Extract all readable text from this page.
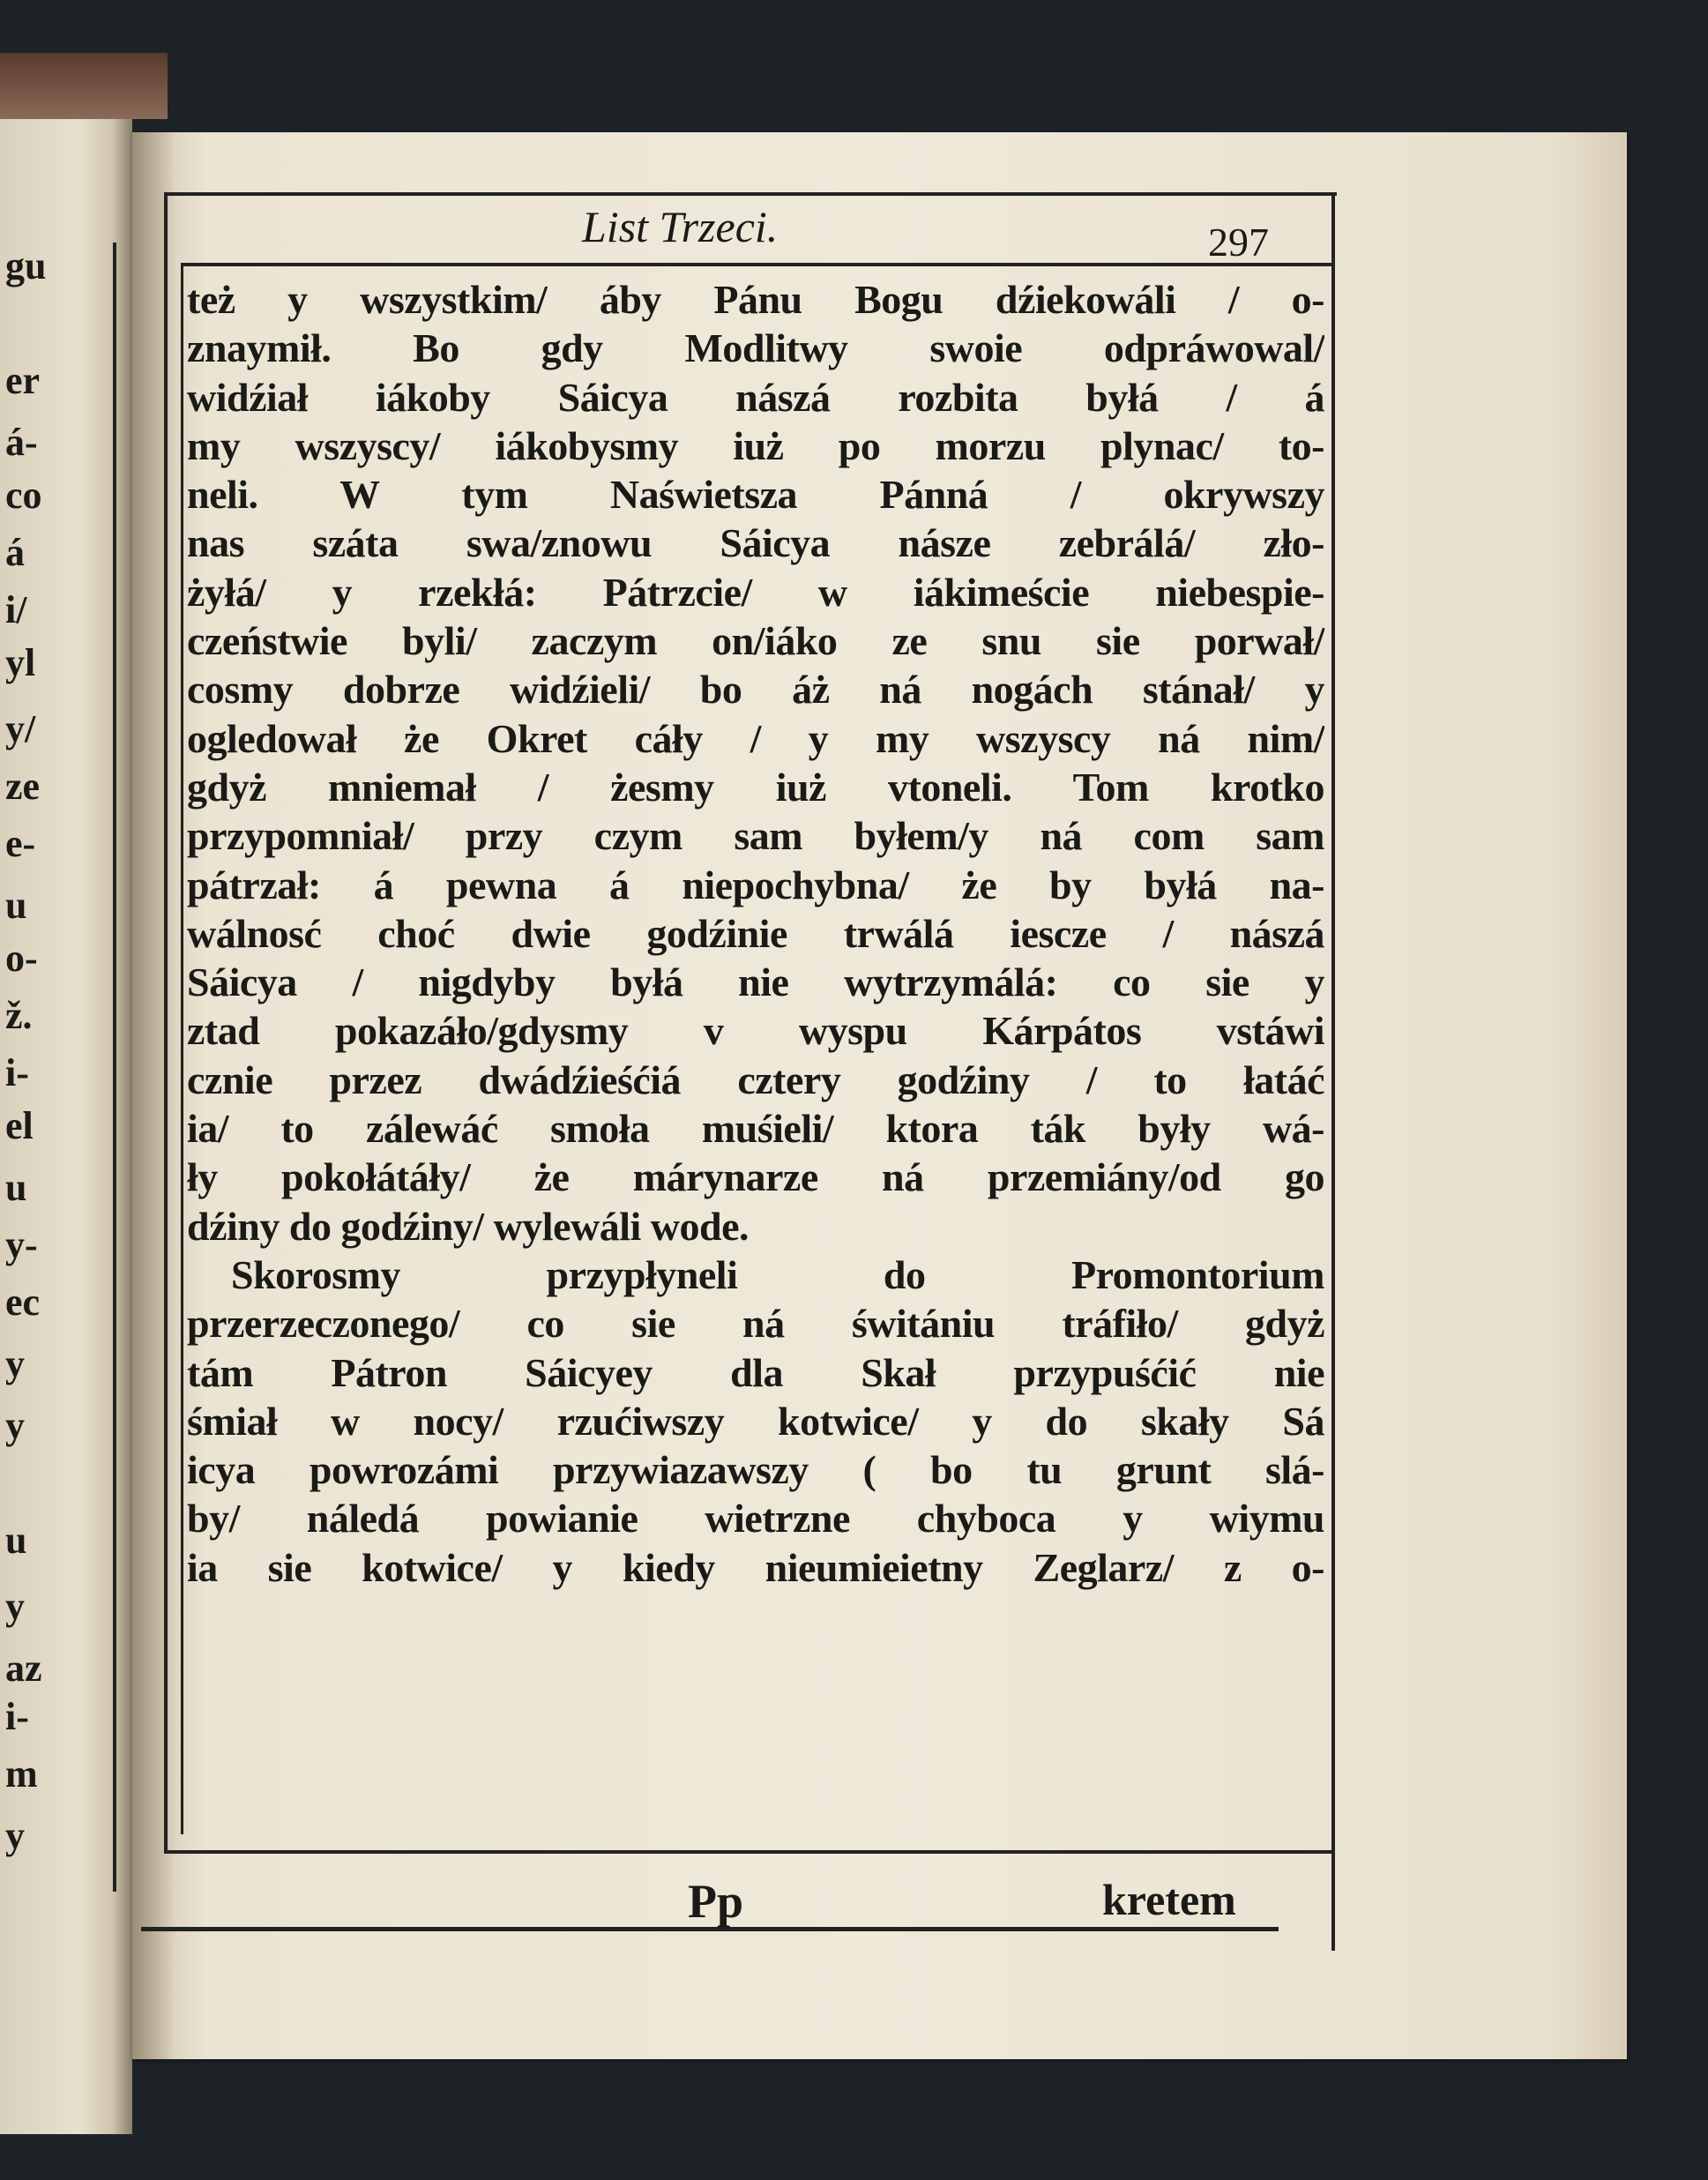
gu
er
á-
co
á
i/
yl
y/
ze
e-
u
o-
ž.
i-
el
u
y-
ec
y
y
u
y
az
i-
m
y
List Trzeci.	297
też y wszystkim/ áby Pánu Bogu dźiekowáli / o-
znaymił. Bo gdy Modlitwy swoie odpráwowal/
widźiał iákoby Sáicya nászá rozbita byłá / á
my wszyscy/ iákobysmy iuż po morzu plynac/ to-
neli. W tym Naświetsza Pánná / okrywszy
nas száta swa/znowu Sáicya násze zebrálá/ zło-
żyłá/ y rzekłá: Pátrzcie/ w iákimeście niebespie-
czeństwie byli/ zaczym on/iáko ze snu sie porwał/
cosmy dobrze widźieli/ bo áż ná nogách stánał/ y
ogledował że Okret cáły / y my wszyscy ná nim/
gdyż mniemał / żesmy iuż vtoneli. Tom krotko
przypomniał/ przy czym sam byłem/y ná com sam
pátrzał: á pewna á niepochybna/ że by byłá na-
wálnosć choć dwie godźinie trwálá iescze / nászá
Sáicya / nigdyby byłá nie wytrzymálá: co sie y
ztad pokazáło/gdysmy v wyspu Kárpátos vstáwi
cznie przez dwádźieśćiá cztery godźiny / to łatáć
ia/ to zálewáć smoła muśieli/ ktora ták były wá-
ły pokołátáły/ że márynarze ná przemiány/od go
dźiny do godźiny/ wylewáli wode.
Skorosmy przypłyneli do Promontorium
przerzeczonego/ co sie ná świtániu tráfiło/ gdyż
tám Pátron Sáicyey dla Skał przypuśćić nie
śmiał w nocy/ rzućiwszy kotwice/ y do skały Sá
icya powrozámi przywiazawszy ( bo tu grunt slá-
by/ náledá powianie wietrzne chyboca y wiymu
ia sie kotwice/ y kiedy nieumieietny Zeglarz/ z o-
Pp	kretem
